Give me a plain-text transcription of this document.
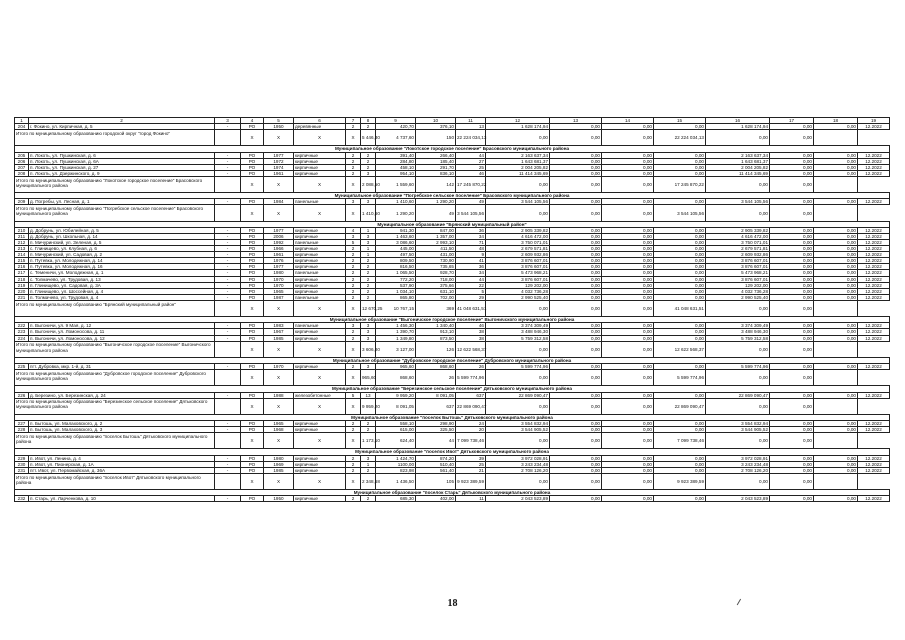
1	2	3	4	5	6	7	8	9	10	11	12	13	14	15	16	17	18	19
204	г. Фокино, ул. Кирпичная, д. 5	-	РО	1950	деревянные	2	2	420,70	376,10	13	1 628 174,94	0,00	0,00	0,00	1 628 174,94	0,00	0,00	12.2022
Итого по муниципальному образованию городской округ "город Фокино"			X	X	X	X	5 446,30	4 737,60	150	22 224 034,13	0,00	0,00	0,00	22 224 034,13	0,00	0,00		
Муниципальное образование "Локотское городское поселение" Брасовского муниципального района																		
205	п. Локоть, ул. Пушкинская, д. 6	-	РО	1977	кирпичные	2	2	391,40	266,40	44	2 163 637,34	0,00	0,00	0,00	2 163 637,34	0,00	0,00	12.2022
206	п. Локоть, ул. Пушкинская, д. 6А	-	РО	1972	кирпичные	2	2	284,80	185,40	27	1 643 681,37	0,00	0,00	0,00	1 643 681,37	0,00	0,00	12.2022
207	п. Локоть, ул. Пушкинская, д. 27	-	РО	1974	кирпичные	2	2	458,10	291,70	25	2 004 205,82	0,00	0,00	0,00	2 004 205,82	0,00	0,00	12.2022
208	п. Локоть, ул. Дзержинского, д. 9	-	РО	1961	кирпичные	2	3	954,10	836,10	46	11 414 345,69	0,00	0,00	0,00	11 414 345,69	0,00	0,00	12.2022
Итого по муниципальному образованию "Локотское городское поселение" Брасовского муниципального района			X	X	X	X	2 088,50	1 559,60	142	17 245 870,22	0,00	0,00	0,00	17 245 870,22	0,00	0,00		
Муниципальное образование "Погребское сельское поселение" Брасовского муниципального района																		
209	д. Погребы, ул. Лесная, д. 1	-	РО	1984	панельные	3	3	1 410,60	1 290,20	49	3 544 105,56	0,00	0,00	0,00	3 544 105,56	0,00	0,00	12.2022
Итого по муниципальному образованию "Погребское сельское поселение" Брасовского муниципального района			X	X	X	X	1 410,60	1 290,20	49	3 544 105,56	0,00	0,00	0,00	3 544 105,56	0,00	0,00		
Муниципальное образование "Брянский муниципальный район"																		
210	д. Добрунь, ул. Юбилейная, д. 5	-	РО	1977	кирпичные	4	1	941,30	847,00	36	2 905 339,82	0,00	0,00	0,00	2 905 339,82	0,00	0,00	12.2022
211	д. Добрунь, ул. Школьная, д. 14	-	РО	2006	кирпичные	3	3	1 463,60	1 357,00	34	4 616 472,00	0,00	0,00	0,00	4 616 472,00	0,00	0,00	12.2022
212	п. Мичуринский, ул. Зеленая, д. 5	-	РО	1992	панельные	5	3	3 086,60	2 993,10	71	3 750 071,01	0,00	0,00	0,00	3 750 071,01	0,00	0,00	12.2022
213	с. Глинищево, ул. Клубная, д. 6	-	РО	1966	кирпичные	2	1	445,00	411,50	48	2 679 571,81	0,00	0,00	0,00	2 679 571,81	0,00	0,00	12.2022
214	п. Мичуринский, ул. Садовая, д. 2	-	РО	1961	кирпичные	2	1	497,50	431,00	9	2 609 932,86	0,00	0,00	0,00	2 609 932,86	0,00	0,00	12.2022
215	п. Путевка, ул. Молодежная, д. 14	-	РО	1976	кирпичные	2	2	809,50	730,90	41	3 876 607,01	0,00	0,00	0,00	3 876 607,01	0,00	0,00	12.2022
216	п. Путевка, ул. Молодежная, д. 16	-	РО	1977	кирпичные	2	2	816,50	735,65	36	3 876 607,01	0,00	0,00	0,00	3 876 607,01	0,00	0,00	12.2022
217	с. Теменичи, ул. Молодежная, д. 1	-	РО	1980	панельные	2	2	1 065,50	928,70	34	5 473 968,21	0,00	0,00	0,00	5 473 968,21	0,00	0,00	12.2022
218	с. Толмачево, ул. Трудовая, д. 13	-	РО	1970	кирпичные	2	2	772,20	718,00	44	3 876 607,01	0,00	0,00	0,00	3 876 607,01	0,00	0,00	12.2022
219	п. Глинищево, ул. Садовая, д. 3А	-	РО	1970	кирпичные	2	2	537,90	375,66	22	129 202,00	0,00	0,00	0,00	129 202,00	0,00	0,00	12.2022
220	п. Глинищево, ул. Шоссейная, д. 4	-	РО	1965	кирпичные	2	2	1 034,10	631,10	5	4 032 736,28	0,00	0,00	0,00	4 032 736,28	0,00	0,00	12.2022
221	п. Толмачево, ул. Трудовая, д. 4	-	РО	1987	панельные	2	2	865,80	702,00	29	2 990 525,40	0,00	0,00	0,00	2 990 525,40	0,00	0,00	12.2022
Итого по муниципальному образованию "Брянский муниципальный район"			X	X	X	X	12 670,25	10 767,15	369	41 048 631,51	0,00	0,00	0,00	41 048 631,51	0,00	0,00		
Муниципальное образование "Выгоничское городское поселение" Выгоничского муниципального района																		
222	п. Выгоничи, ул. 9 Мая, д. 12	-	РО	1983	панельные	3	3	1 456,30	1 340,40	46	3 374 309,49	0,00	0,00	0,00	3 374 309,49	0,00	0,00	12.2022
223	п. Выгоничи, ул. Ломоносова, д. 11	-	РО	1967	кирпичные	2	3	1 390,70	913,10	38	3 488 946,30	0,00	0,00	0,00	3 488 946,30	0,00	0,00	12.2022
224	п. Выгоничи, ул. Ломоносова, д. 12	-	РО	1985	кирпичные	2	3	1 349,80	873,50	38	5 759 312,58	0,00	0,00	0,00	5 759 312,58	0,00	0,00	12.2022
Итого по муниципальному образованию "Выгоничское городское поселение" Выгоничского муниципального района			X	X	X	X	3 606,80	3 127,00	126	12 622 568,37	0,00	0,00	0,00	12 622 568,37	0,00	0,00		
Муниципальное образование "Дубровское городское поселение" Дубровского муниципального района																		
225	пгт. Дубровка, мкр. 1-й, д. 31	-	РО	1970	кирпичные	2	3	965,60	868,60	26	5 599 774,96	0,00	0,00	0,00	5 599 774,96	0,00	0,00	12.2022
Итого по муниципальному образованию "Дубровское городское поселение" Дубровского муниципального района			X	X	X	X	965,60	868,60	26	5 599 774,96	0,00	0,00	0,00	5 599 774,96	0,00	0,00		
Муниципальное образование "Березинское сельское поселение" Дятьковского муниципального района																		
226	д. Березино, ул. Березинская, д. 24	-	РО	1988	железобетонные	5	13	9 959,20	8 091,05	637	22 869 090,47	0,00	0,00	0,00	22 869 090,47	0,00	0,00	12.2022
Итого по муниципальному образованию "Березинское сельское поселение" Дятьковского муниципального района			X	X	X	X	9 959,20	8 091,05	637	22 869 090,47	0,00	0,00	0,00	22 869 090,47	0,00	0,00		
Муниципальное образование "поселок Бытошь" Дятьковского муниципального района																		
227	п. Бытошь, ул. Малаховского, д. 2	-	РО	1965	кирпичные	2	2	558,10	298,90	24	3 554 832,94	0,00	0,00	0,00	3 554 832,94	0,00	0,00	12.2022
228	п. Бытошь, ул. Малаховского, д. 3	-	РО	1968	кирпичные	2	2	615,00	325,50	20	3 544 905,52	0,00	0,00	0,00	3 544 905,52	0,00	0,00	12.2022
Итого по муниципальному образованию "поселок Бытошь" Дятьковского муниципального района			X	X	X	X	1 173,10	624,40	44	7 099 738,46	0,00	0,00	0,00	7 099 738,46	0,00	0,00		
Муниципальное образование "поселок Ивот" Дятьковского муниципального района																		
229	п. Ивот, ул. Ленина, д. 4	-	РО	1980	кирпичные	2	3	1 424,70	874,20	39	3 972 028,91	0,00	0,00	0,00	3 972 028,91	0,00	0,00	12.2022
230	п. Ивот, ул. Пионерская, д. 1А	-	РО	1969	кирпичные	2	1	1100,00	510,40	25	3 243 234,48	0,00	0,00	0,00	3 243 234,48	0,00	0,00	12.2022
231	пгт. Ивот, ул. Первомайская, д. 36А	-	РО	1985	кирпичные	2	2	823,98	561,40	21	2 708 126,20	0,00	0,00	0,00	2 708 126,20	0,00	0,00	12.2022
Итого по муниципальному образованию "поселок Ивот" Дятьковского муниципального района			X	X	X	X	2 348,68	1 436,50	105	9 923 389,59	0,00	0,00	0,00	9 923 389,59	0,00	0,00		
Муниципальное образование "поселок Старь" Дятьковского муниципального района																		
232	п. Старь, ул. Ларченкова, д. 10	-	РО	1950	кирпичные	2	2	685,30	402,00	11	2 043 523,89	0,00	0,00	0,00	2 043 523,89	0,00	0,00	12.2022
18
